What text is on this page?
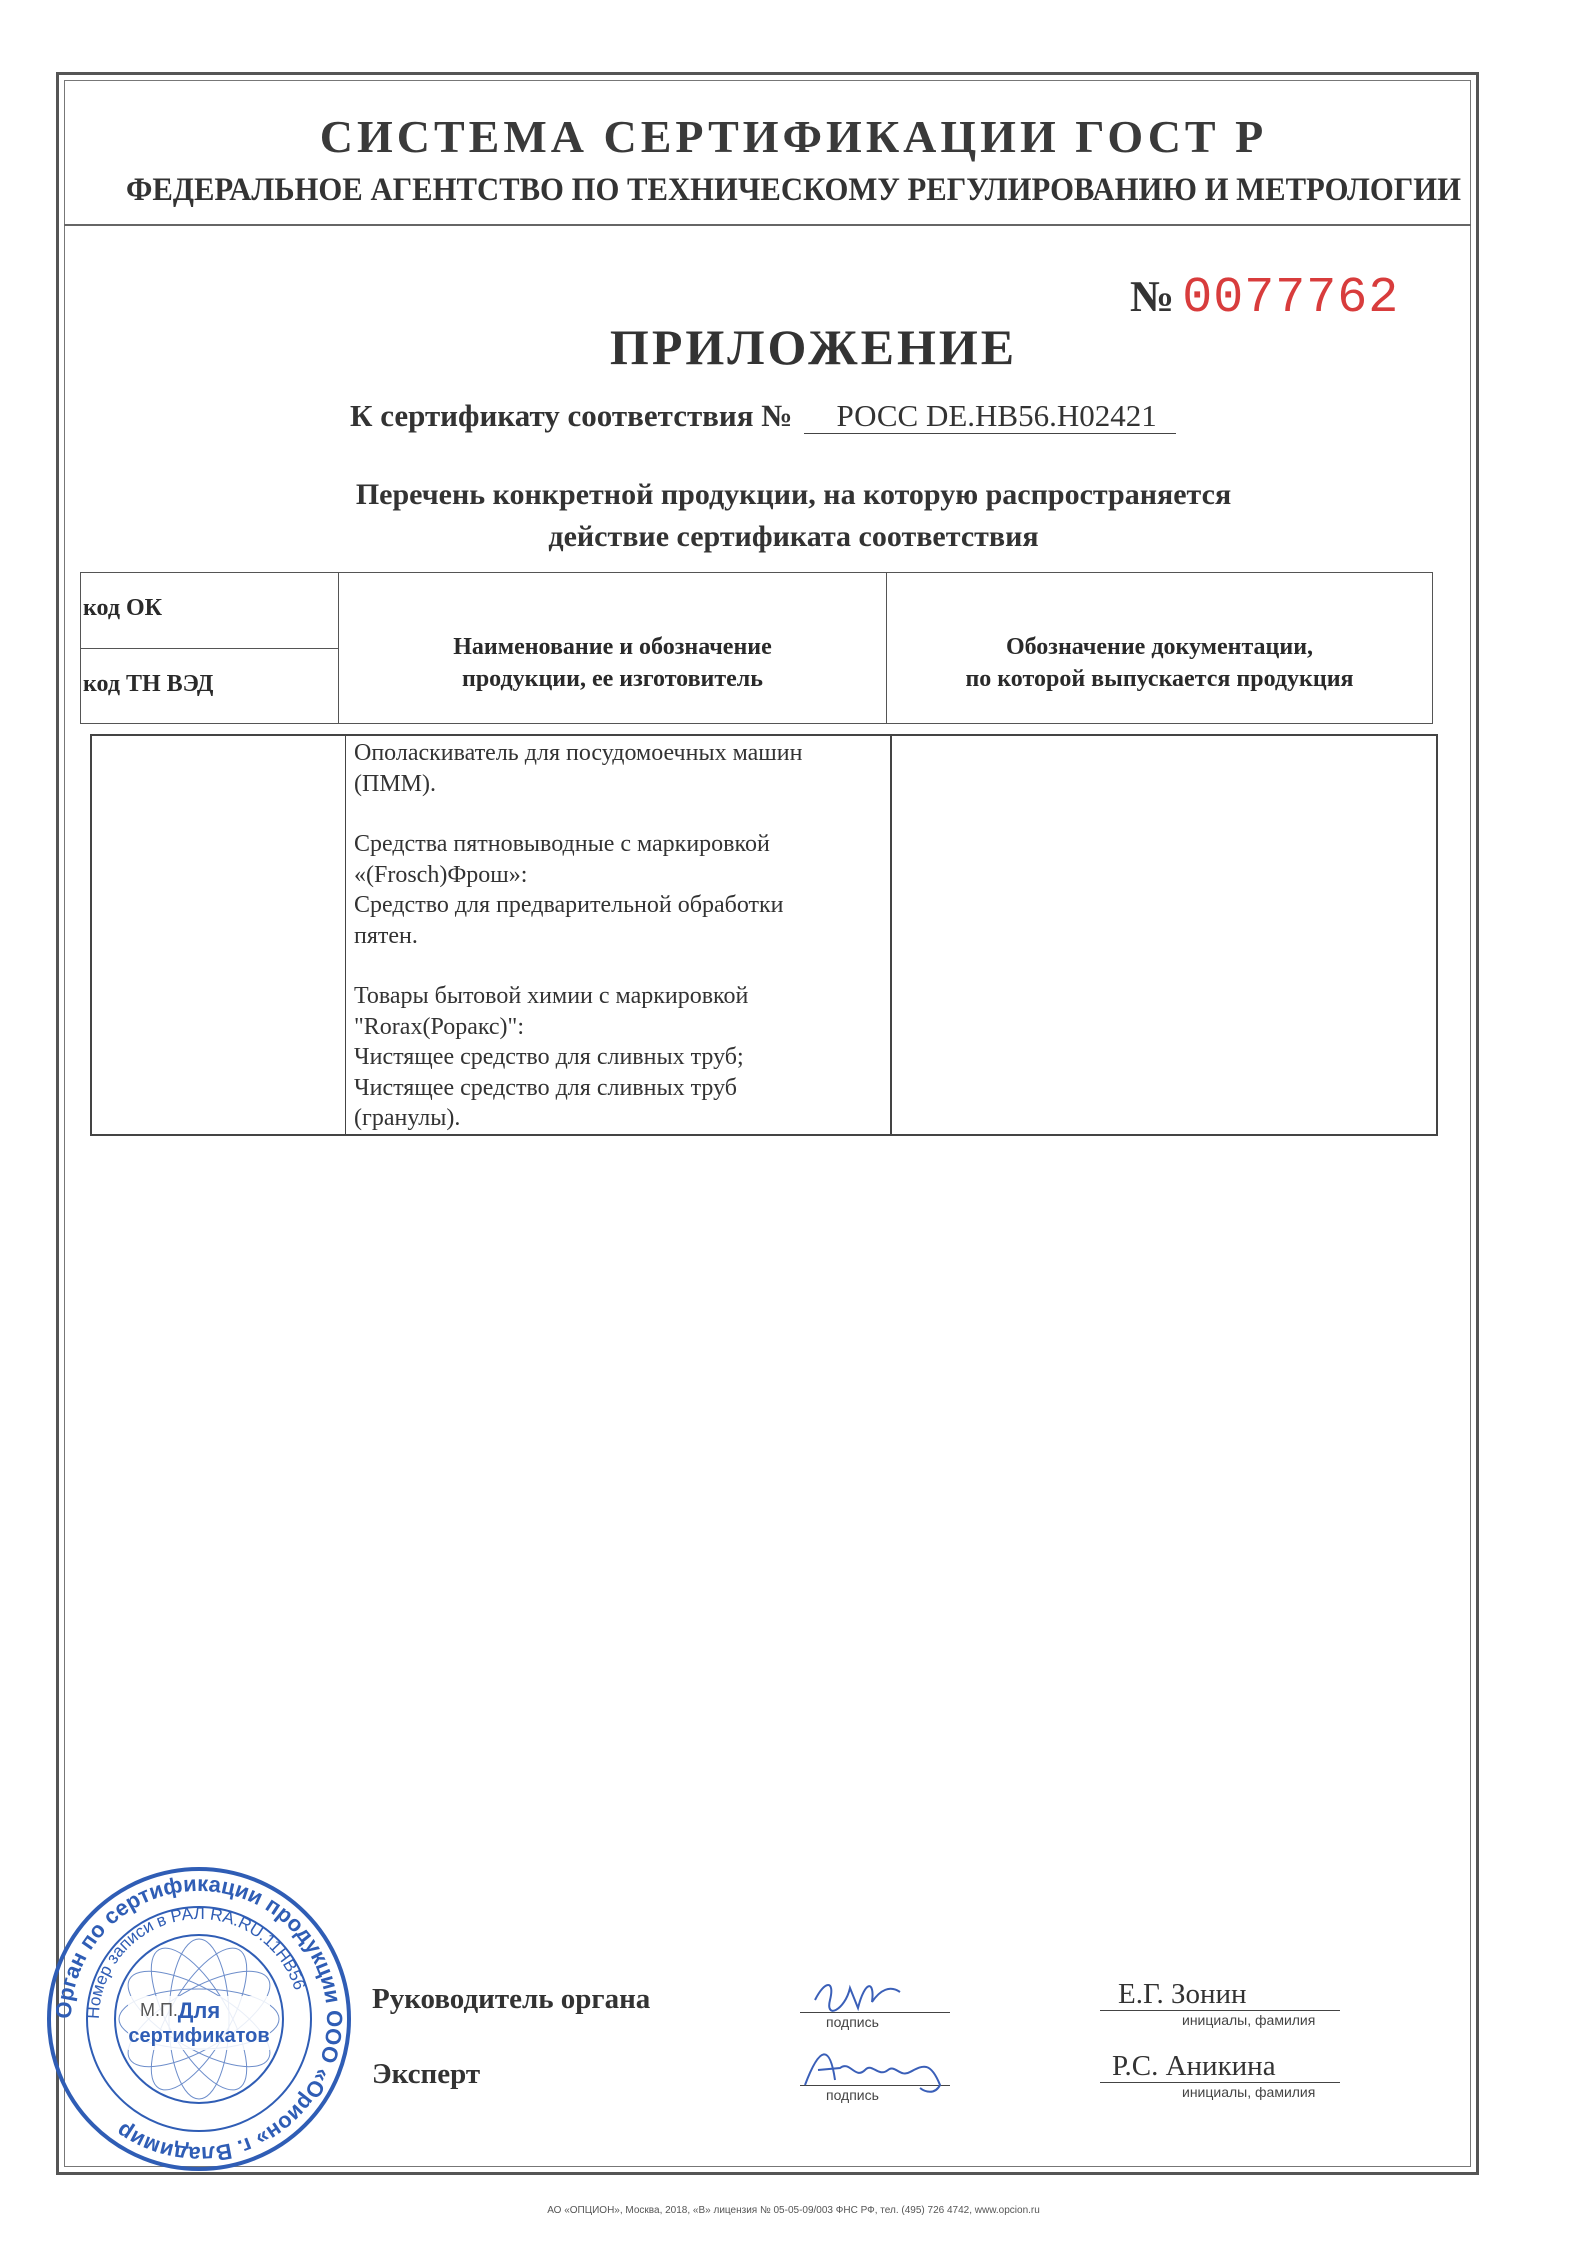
СИСТЕМА СЕРТИФИКАЦИИ ГОСТ Р
ФЕДЕРАЛЬНОЕ АГЕНТСТВО ПО ТЕХНИЧЕСКОМУ РЕГУЛИРОВАНИЮ И МЕТРОЛОГИИ
№ 0077762
ПРИЛОЖЕНИЕ
К сертификату соответствия № РОСС DE.НВ56.Н02421
Перечень конкретной продукции, на которую распространяется
действие сертификата соответствия
код ОК
код ТН ВЭД
Наименование и обозначение
продукции, ее изготовитель
Обозначение документации,
по которой выпускается продукция
Ополаскиватель для посудомоечных машин
(ПММ).
Средства пятновыводные с маркировкой
«(Frosch)Фрош»:
Средство для предварительной обработки
пятен.
Товары бытовой химии с маркировкой
"Rorax(Роракс)":
Чистящее средство для сливных труб;
Чистящее средство для сливных труб
(гранулы).
Орган по сертификации продукции ООО «Орион» г. Владимир
Номер записи в РАЛ RA.RU.11НВ56
Для
сертификатов
Руководитель органа
подпись
Е.Г. Зонин
инициалы, фамилия
Эксперт
подпись
М.П.
Р.С. Аникина
инициалы, фамилия
АО «ОПЦИОН», Москва, 2018, «В» лицензия № 05-05-09/003 ФНС РФ, тел. (495) 726 4742, www.opcion.ru
